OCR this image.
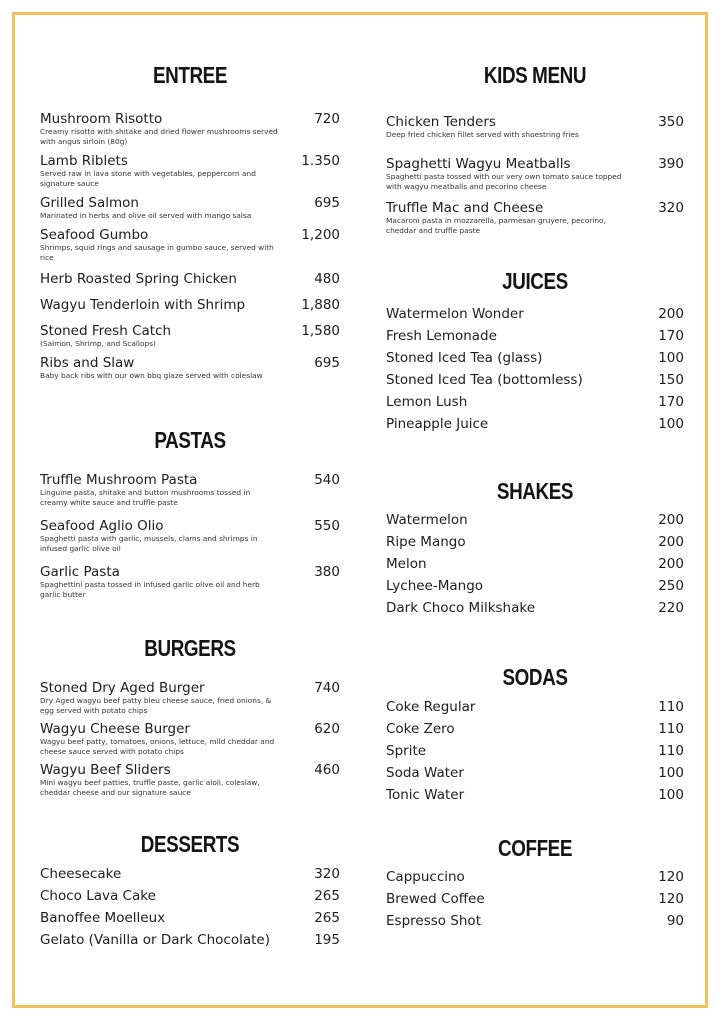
ENTREE
Mushroom Risotto	720
Creamy risotto with shitake and dried flower mushrooms served with angus sirloin (80g)
Lamb Riblets	1.350
Served raw in lava stone with vegetables, peppercorn and signature sauce
Grilled Salmon	695
Marinated in herbs and olive oil served with mango salsa
Seafood Gumbo	1,200
Shrimps, squid rings and sausage in gumbo sauce, served with rice
Herb Roasted Spring Chicken	480
Wagyu Tenderloin with Shrimp	1,880
Stoned Fresh Catch	1,580
(Salmon, Shrimp, and Scallops)
Ribs and Slaw	695
Baby back ribs with our own bbq glaze served with coleslaw
PASTAS
Truffle Mushroom Pasta	540
Linguine pasta, shitake and button mushrooms tossed in creamy white sauce and truffle paste
Seafood Aglio Olio	550
Spaghetti pasta with garlic, mussels, clams and shrimps in infused garlic olive oil
Garlic Pasta	380
Spaghettini pasta tossed in infused garlic olive oil and herb garlic butter
BURGERS
Stoned Dry Aged Burger	740
Dry Aged wagyu beef patty bleu cheese sauce, fried onions, & egg served with potato chips
Wagyu Cheese Burger	620
Wagyu beef patty, tomatoes, onions, lettuce, mild cheddar and cheese sauce served with potato chips
Wagyu Beef Sliders	460
Mini wagyu beef patties, truffle paste, garlic aioli, coleslaw, cheddar cheese and our signature sauce
DESSERTS
Cheesecake	320
Choco Lava Cake	265
Banoffee Moelleux	265
Gelato (Vanilla or Dark Chocolate)	195
KIDS MENU
Chicken Tenders	350
Deep fried chicken fillet served with shoestring fries
Spaghetti Wagyu Meatballs	390
Spaghetti pasta tossed with our very own tomato sauce topped with wagyu meatballs and pecorino cheese
Truffle Mac and Cheese	320
Macaroni pasta in mozzarella, parmesan gruyere, pecorino, cheddar and truffle paste
JUICES
Watermelon Wonder	200
Fresh Lemonade	170
Stoned Iced Tea (glass)	100
Stoned Iced Tea (bottomless)	150
Lemon Lush	170
Pineapple Juice	100
SHAKES
Watermelon	200
Ripe Mango	200
Melon	200
Lychee-Mango	250
Dark Choco Milkshake	220
SODAS
Coke Regular	110
Coke Zero	110
Sprite	110
Soda Water	100
Tonic Water	100
COFFEE
Cappuccino	120
Brewed Coffee	120
Espresso Shot	90
